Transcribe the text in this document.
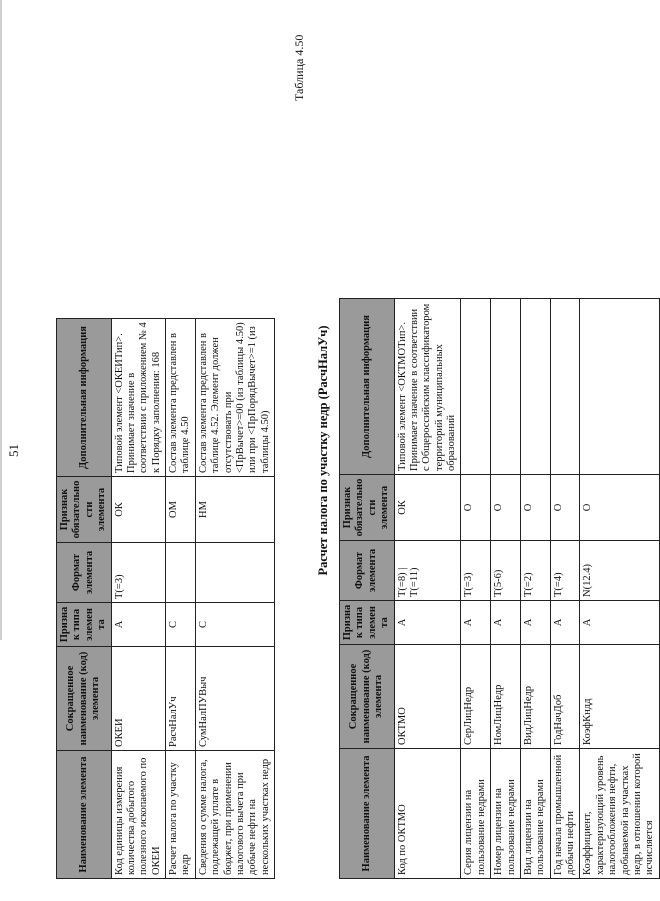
51
Наименование элемента	Сокращенное наименование (код) элемента	Признак типа элемента	Формат элемента	Признак обязательности элемента	Дополнительная информация
Код единицы измерения количества добытого полезного ископаемого по ОКЕИ	ОКЕИ	А	T(=3)	ОК	Типовой элемент <ОКЕИТип>. Принимает значение в соответствии с приложением № 4 к Порядку заполнения: 168
Расчет налога по участку недр	РасчНалУч	С		ОМ	Состав элемента представлен в таблице 4.50
Сведения о сумме налога, подлежащей уплате в бюджет, при применении налогового вычета при добыче нефти на нескольких участках недр	СумНалПУВыч	С		НМ	Состав элемента представлен в таблице 4.52. Элемент должен отсутствовать при <ПрВычет>=00 (из таблицы 4.50) или при <ПрПорядВычет>=1 (из таблицы 4.50)
Таблица 4.50
Расчет налога по участку недр (РасчНалУч)
Наименование элемента	Сокращенное наименование (код) элемента	Признак типа элемента	Формат элемента	Признак обязательности элемента	Дополнительная информация
Код по ОКТМО	ОКТМО	А	T(=8) | T(=11)	ОК	Типовой элемент <ОКТМОТип>. Принимает значение в соответствии с Общероссийским классификатором территорий муниципальных образований
Серия лицензии на пользование недрами	СерЛицНедр	А	T(=3)	О	
Номер лицензии на пользование недрами	НомЛицНедр	А	T(5-6)	О	
Вид лицензии на пользование недрами	ВидЛицНедр	А	T(=2)	О	
Год начала промышленной добычи нефти	ГодНачДоб	А	T(=4)	О	
Коэффициент, характеризующий уровень налогообложения нефти, добываемой на участках недр, в отношении которой исчисляется	КоэфКндд	А	N(12.4)	О	
